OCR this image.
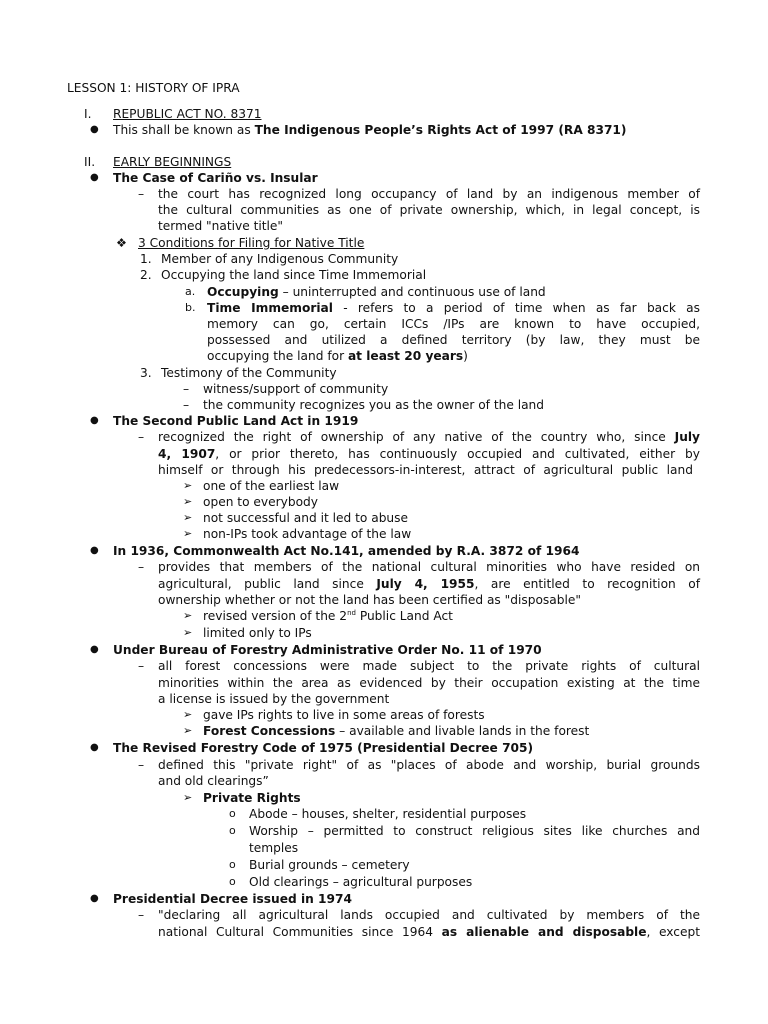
LESSON 1: HISTORY OF IPRA
I. REPUBLIC ACT NO. 8371
● This shall be known as The Indigenous People’s Rights Act of 1997 (RA 8371)
II. EARLY BEGINNINGS
● The Case of Cariño vs. Insular
– the court has recognized long occupancy of land by an indigenous member of
the cultural communities as one of private ownership, which, in legal concept, is
termed "native title"
❖ 3 Conditions for Filing for Native Title
1. Member of any Indigenous Community
2. Occupying the land since Time Immemorial
a. Occupying – uninterrupted and continuous use of land
b. Time Immemorial - refers to a period of time when as far back as
memory can go, certain ICCs /IPs are known to have occupied,
possessed and utilized a defined territory (by law, they must be
occupying the land for at least 20 years)
3. Testimony of the Community
– witness/support of community
– the community recognizes you as the owner of the land
● The Second Public Land Act in 1919
– recognized the right of ownership of any native of the country who, since July
4, 1907, or prior thereto, has continuously occupied and cultivated, either by
himself or through his predecessors-in-interest, attract of agricultural public land
➢ one of the earliest law
➢ open to everybody
➢ not successful and it led to abuse
➢ non-IPs took advantage of the law
● In 1936, Commonwealth Act No.141, amended by R.A. 3872 of 1964
– provides that members of the national cultural minorities who have resided on
agricultural, public land since July 4, 1955, are entitled to recognition of
ownership whether or not the land has been certified as "disposable"
➢ revised version of the 2nd Public Land Act
➢ limited only to IPs
● Under Bureau of Forestry Administrative Order No. 11 of 1970
– all forest concessions were made subject to the private rights of cultural
minorities within the area as evidenced by their occupation existing at the time
a license is issued by the government
➢ gave IPs rights to live in some areas of forests
➢ Forest Concessions – available and livable lands in the forest
● The Revised Forestry Code of 1975 (Presidential Decree 705)
– defined this "private right" of as "places of abode and worship, burial grounds
and old clearings”
➢ Private Rights
o Abode – houses, shelter, residential purposes
o Worship – permitted to construct religious sites like churches and
temples
o Burial grounds – cemetery
o Old clearings – agricultural purposes
● Presidential Decree issued in 1974
– "declaring all agricultural lands occupied and cultivated by members of the
national Cultural Communities since 1964 as alienable and disposable, except
